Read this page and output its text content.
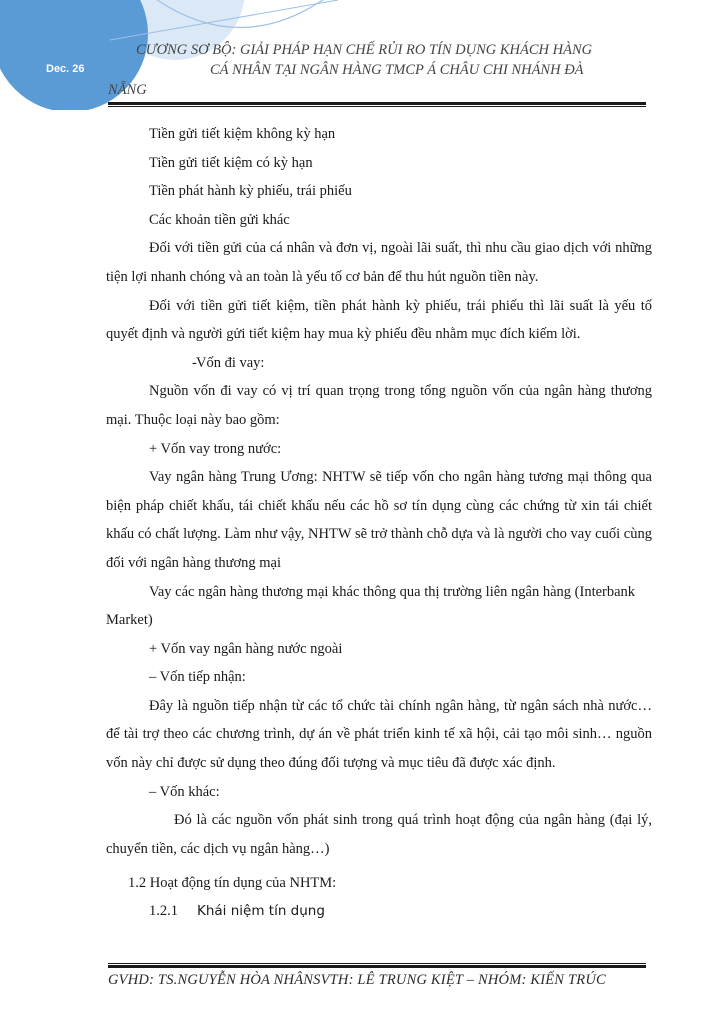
Dec. 26
CƯƠNG SƠ BỘ: GIẢI PHÁP HẠN CHẾ RỦI RO TÍN DỤNG KHÁCH HÀNG
CÁ NHÂN TẠI NGÂN HÀNG TMCP Á CHÂU CHI NHÁNH ĐÀ
NẴNG
Tiền gửi tiết kiệm không kỳ hạn
Tiền gửi tiết kiệm có kỳ hạn
Tiền phát hành kỳ phiếu, trái phiếu
Các khoản tiền gửi khác
Đối với tiền gửi của cá nhân và đơn vị, ngoài lãi suất, thì nhu cầu giao dịch với những tiện lợi nhanh chóng và an toàn là yếu tố cơ bản để thu hút nguồn tiền này.
Đối với tiền gửi tiết kiệm, tiền phát hành kỳ phiếu, trái phiếu thì lãi suất là yếu tố quyết định và người gửi tiết kiệm hay mua kỳ phiếu đều nhằm mục đích kiếm lời.
-Vốn đi vay:
Nguồn vốn đi vay có vị trí quan trọng trong tổng nguồn vốn của ngân hàng thương mại. Thuộc loại này bao gồm:
+ Vốn vay trong nước:
Vay ngân hàng Trung Ương: NHTW sẽ tiếp vốn cho ngân hàng tương mại thông qua biện pháp chiết khấu, tái chiết khấu nếu các hồ sơ tín dụng cùng các chứng từ xin tái chiết khấu có chất lượng. Làm như vậy, NHTW sẽ trở thành chỗ dựa và là người cho vay cuối cùng đối với ngân hàng thương mại
Vay các ngân hàng thương mại khác thông qua thị trường liên ngân hàng (Interbank Market)
+ Vốn vay ngân hàng nước ngoài
– Vốn tiếp nhận:
Đây là nguồn tiếp nhận từ các tổ chức tài chính ngân hàng, từ ngân sách nhà nước…để tài trợ theo các chương trình, dự án về phát triển kinh tế xã hội, cải tạo môi sinh… nguồn vốn này chỉ được sử dụng theo đúng đối tượng và mục tiêu đã được xác định.
– Vốn khác:
Đó là các nguồn vốn phát sinh trong quá trình hoạt động của ngân hàng (đại lý, chuyển tiền, các dịch vụ ngân hàng…)
1.2 Hoạt động tín dụng của NHTM:
1.2.1 Khái niệm tín dụng
GVHD: TS.NGUYỄN HÒA NHÂNSVTH: LÊ TRUNG KIỆT – NHÓM: KIẾN TRÚC
